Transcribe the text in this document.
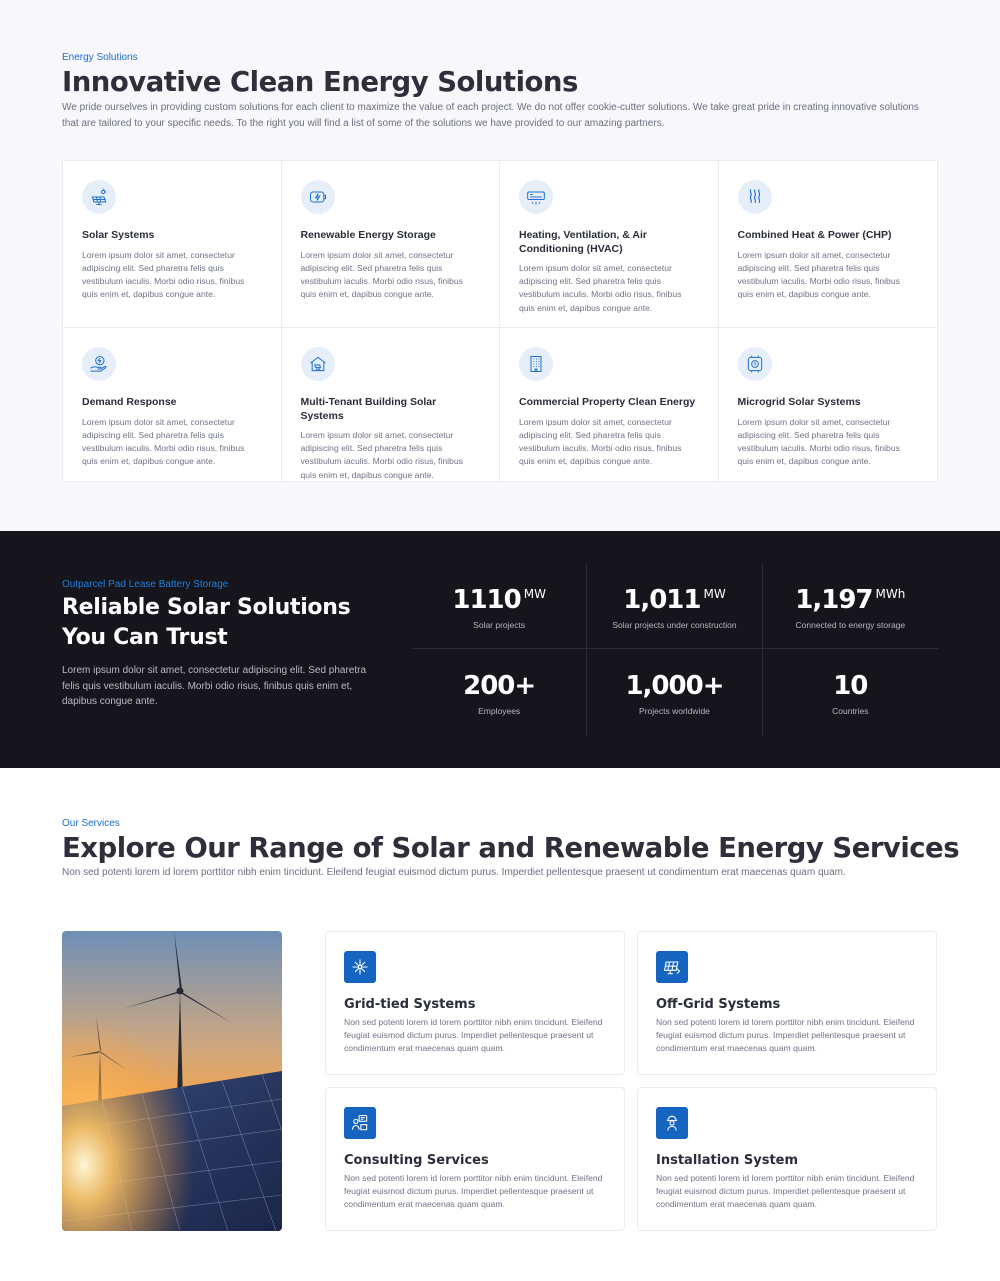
Energy Solutions
Innovative Clean Energy Solutions

We pride ourselves in providing custom solutions for each client to maximize the value of each project. We do not offer cookie-cutter solutions. We take great pride in creating innovative solutions that are tailored to your specific needs. To the right you will find a list of some of the solutions we have provided to our amazing partners.

Solar Systems
Lorem ipsum dolor sit amet, consectetur adipiscing elit. Sed pharetra felis quis vestibulum iaculis. Morbi odio risus, finibus quis enim et, dapibus congue ante.
Renewable Energy Storage
Lorem ipsum dolor sit amet, consectetur adipiscing elit. Sed pharetra felis quis vestibulum iaculis. Morbi odio risus, finibus quis enim et, dapibus congue ante.
Heating, Ventilation, & Air Conditioning (HVAC)
Lorem ipsum dolor sit amet, consectetur adipiscing elit. Sed pharetra felis quis vestibulum iaculis. Morbi odio risus, finibus quis enim et, dapibus congue ante.
Combined Heat & Power (CHP)
Lorem ipsum dolor sit amet, consectetur adipiscing elit. Sed pharetra felis quis vestibulum iaculis. Morbi odio risus, finibus quis enim et, dapibus congue ante.
Demand Response
Lorem ipsum dolor sit amet, consectetur adipiscing elit. Sed pharetra felis quis vestibulum iaculis. Morbi odio risus, finibus quis enim et, dapibus congue ante.
Multi-Tenant Building Solar Systems
Lorem ipsum dolor sit amet, consectetur adipiscing elit. Sed pharetra felis quis vestibulum iaculis. Morbi odio risus, finibus quis enim et, dapibus congue ante.
Commercial Property Clean Energy
Lorem ipsum dolor sit amet, consectetur adipiscing elit. Sed pharetra felis quis vestibulum iaculis. Morbi odio risus, finibus quis enim et, dapibus congue ante.
Microgrid Solar Systems
Lorem ipsum dolor sit amet, consectetur adipiscing elit. Sed pharetra felis quis vestibulum iaculis. Morbi odio risus, finibus quis enim et, dapibus congue ante.
Outparcel Pad Lease Battery Storage
Reliable Solar Solutions You Can Trust

Lorem ipsum dolor sit amet, consectetur adipiscing elit. Sed pharetra felis quis vestibulum iaculis. Morbi odio risus, finibus quis enim et, dapibus congue ante.

1110 $^{MW}$
Solar projects
1,011 $^{MW}$
Solar projects under construction
1,197 $^{MWh}$
Connected to energy storage
200+
Employees
1,000+
Projects worldwide
10
Countries
Our Services
Explore Our Range of Solar and Renewable Energy Services

Non sed potenti lorem id lorem porttitor nibh enim tincidunt. Eleifend feugiat euismod dictum purus. Imperdiet pellentesque praesent ut condimentum erat maecenas quam quam.

Grid-tied Systems
Non sed potenti lorem id lorem porttitor nibh enim tincidunt. Eleifend feugiat euismod dictum purus. Imperdiet pellentesque praesent ut condimentum erat maecenas quam quam.
Off-Grid Systems
Non sed potenti lorem id lorem porttitor nibh enim tincidunt. Eleifend feugiat euismod dictum purus. Imperdiet pellentesque praesent ut condimentum erat maecenas quam quam.
Consulting Services
Non sed potenti lorem id lorem porttitor nibh enim tincidunt. Eleifend feugiat euismod dictum purus. Imperdiet pellentesque praesent ut condimentum erat maecenas quam quam.
Installation System
Non sed potenti lorem id lorem porttitor nibh enim tincidunt. Eleifend feugiat euismod dictum purus. Imperdiet pellentesque praesent ut condimentum erat maecenas quam quam.
